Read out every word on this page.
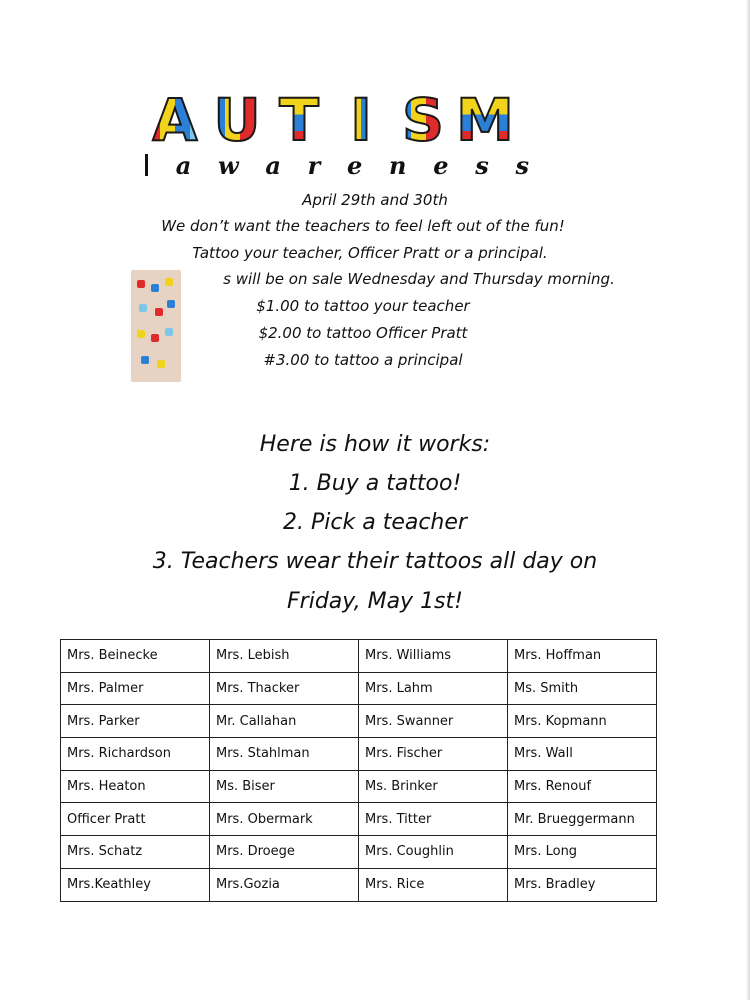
A U T I S M
a w a r e n e s s
April 29th and 30th
We don’t want the teachers to feel left out of the fun!
Tattoo your teacher, Officer Pratt or a principal.
s will be on sale Wednesday and Thursday morning.
$1.00 to tattoo your teacher
$2.00 to tattoo Officer Pratt
#3.00 to tattoo a principal
Here is how it works:
1. Buy a tattoo!
2. Pick a teacher
3. Teachers wear their tattoos all day on
Friday, May 1st!
Mrs. Beinecke	Mrs. Lebish	Mrs. Williams	Mrs. Hoffman
Mrs. Palmer	Mrs. Thacker	Mrs. Lahm	Ms. Smith
Mrs. Parker	Mr. Callahan	Mrs. Swanner	Mrs. Kopmann
Mrs. Richardson	Mrs. Stahlman	Mrs. Fischer	Mrs. Wall
Mrs. Heaton	Ms. Biser	Ms. Brinker	Mrs. Renouf
Officer Pratt	Mrs. Obermark	Mrs. Titter	Mr. Brueggermann
Mrs. Schatz	Mrs. Droege	Mrs. Coughlin	Mrs. Long
Mrs.Keathley	Mrs.Gozia	Mrs. Rice	Mrs. Bradley
